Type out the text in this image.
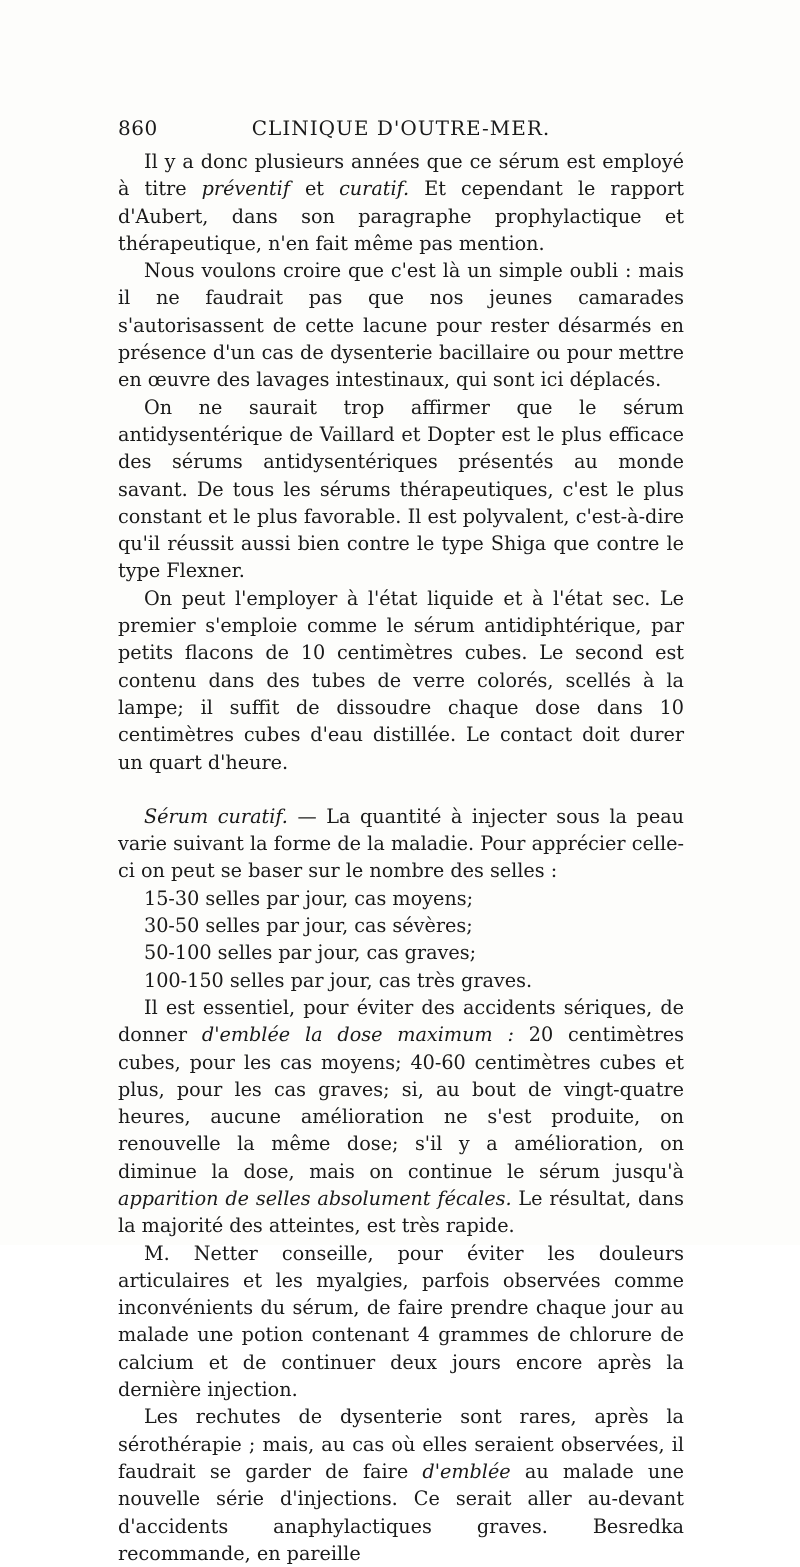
860	CLINIQUE D'OUTRE-MER.

Il y a donc plusieurs années que ce sérum est employé à titre préventif et curatif. Et cependant le rapport d'Aubert, dans son paragraphe prophylactique et thérapeutique, n'en fait même pas mention.

Nous voulons croire que c'est là un simple oubli : mais il ne faudrait pas que nos jeunes camarades s'autorisassent de cette lacune pour rester désarmés en présence d'un cas de dysenterie bacillaire ou pour mettre en œuvre des lavages intestinaux, qui sont ici déplacés.

On ne saurait trop affirmer que le sérum antidysentérique de Vaillard et Dopter est le plus efficace des sérums antidysentériques présentés au monde savant. De tous les sérums thérapeutiques, c'est le plus constant et le plus favorable. Il est polyvalent, c'est-à-dire qu'il réussit aussi bien contre le type Shiga que contre le type Flexner.

On peut l'employer à l'état liquide et à l'état sec. Le premier s'emploie comme le sérum antidiphtérique, par petits flacons de 10 centimètres cubes. Le second est contenu dans des tubes de verre colorés, scellés à la lampe; il suffit de dissoudre chaque dose dans 10 centimètres cubes d'eau distillée. Le contact doit durer un quart d'heure.

Sérum curatif. — La quantité à injecter sous la peau varie suivant la forme de la maladie. Pour apprécier celle-ci on peut se baser sur le nombre des selles :

15-30 selles par jour, cas moyens;
30-50 selles par jour, cas sévères;
50-100 selles par jour, cas graves;
100-150 selles par jour, cas très graves.

Il est essentiel, pour éviter des accidents sériques, de donner d'emblée la dose maximum : 20 centimètres cubes, pour les cas moyens; 40-60 centimètres cubes et plus, pour les cas graves; si, au bout de vingt-quatre heures, aucune amélioration ne s'est produite, on renouvelle la même dose; s'il y a amélioration, on diminue la dose, mais on continue le sérum jusqu'à apparition de selles absolument fécales. Le résultat, dans la majorité des atteintes, est très rapide.

M. Netter conseille, pour éviter les douleurs articulaires et les myalgies, parfois observées comme inconvénients du sérum, de faire prendre chaque jour au malade une potion contenant 4 grammes de chlorure de calcium et de continuer deux jours encore après la dernière injection.

Les rechutes de dysenterie sont rares, après la sérothérapie ; mais, au cas où elles seraient observées, il faudrait se garder de faire d'emblée au malade une nouvelle série d'injections. Ce serait aller au-devant d'accidents anaphylactiques graves. Besredka recommande, en pareille
